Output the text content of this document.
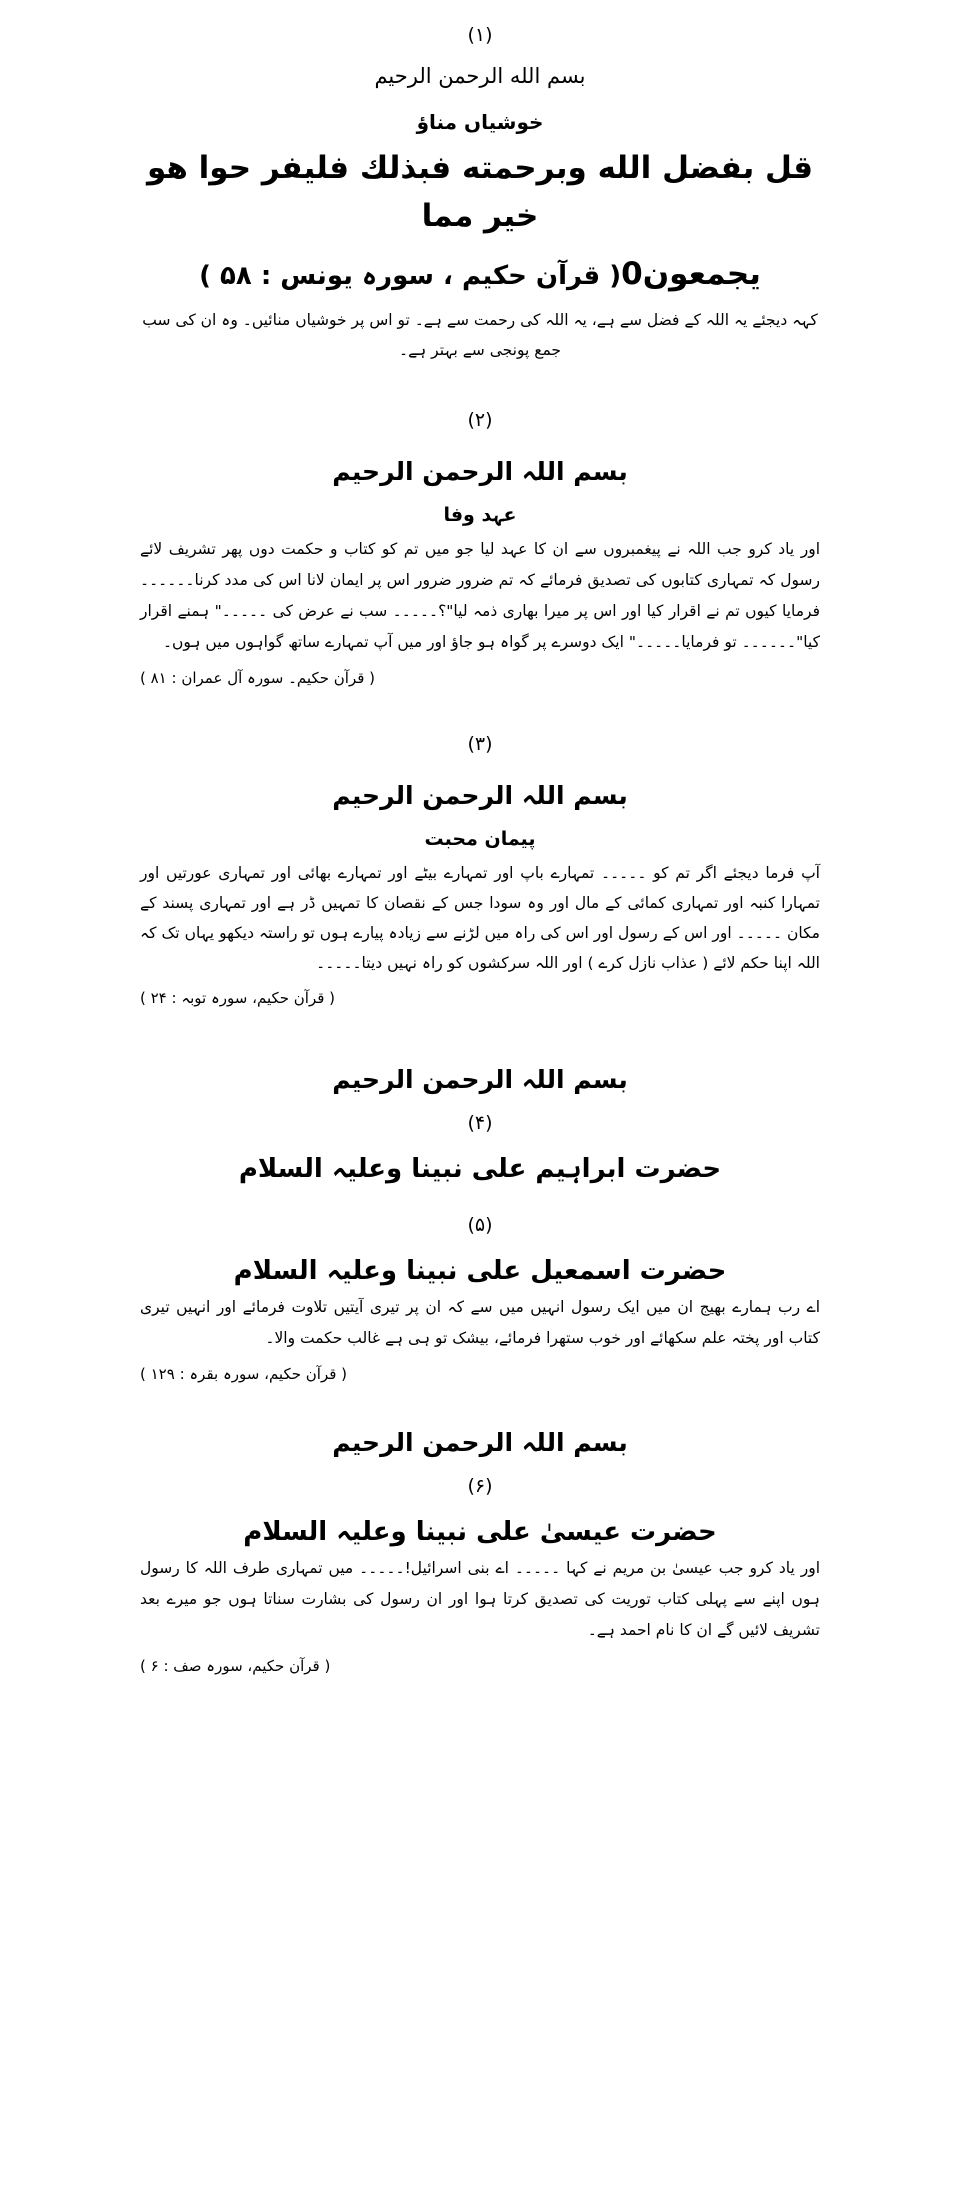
(۱)
بسم الله الرحمن الرحیم
خوشیاں مناؤ
قل بفضل الله وبرحمته فبذلك فليفر حوا هو خير مما
يجمعون0( قرآن حکیم ، سورہ یونس : ۵۸ )
کہہ دیجئے یہ اللہ کے فضل سے ہے، یہ اللہ کی رحمت سے ہے۔ تو اس پر خوشیاں منائیں۔ وہ ان کی سب جمع پونجی سے بہتر ہے۔
(۲)
بسم اللہ الرحمن الرحیم
عہد وفا
اور یاد کرو جب اللہ نے پیغمبروں سے ان کا عہد لیا جو میں تم کو کتاب و حکمت دوں پھر تشریف لائے رسول کہ تمہاری کتابوں کی تصدیق فرمائے کہ تم ضرور ضرور اس پر ایمان لانا اس کی مدد کرنا۔۔۔۔۔۔ فرمایا کیوں تم نے اقرار کیا اور اس پر میرا بھاری ذمہ لیا"؟۔۔۔۔۔ سب نے عرض کی ۔۔۔۔۔" ہمنے اقرار کیا"۔۔۔۔۔۔ تو فرمایا۔۔۔۔۔" ایک دوسرے پر گواہ ہو جاؤ اور میں آپ تمہارے ساتھ گواہوں میں ہوں۔
( قرآن حکیم۔ سورہ آل عمران : ۸۱ )
(۳)
بسم اللہ الرحمن الرحیم
پیمان محبت
آپ فرما دیجئے اگر تم کو ۔۔۔۔۔ تمہارے باپ اور تمہارے بیٹے اور تمہارے بھائی اور تمہاری عورتیں اور تمہارا کنبہ اور تمہاری کمائی کے مال اور وہ سودا جس کے نقصان کا تمہیں ڈر ہے اور تمہاری پسند کے مکان ۔۔۔۔۔ اور اس کے رسول اور اس کی راہ میں لڑنے سے زیادہ پیارے ہوں تو راستہ دیکھو یہاں تک کہ اللہ اپنا حکم لائے ( عذاب نازل کرے ) اور اللہ سرکشوں کو راہ نہیں دیتا۔۔۔۔۔
( قرآن حکیم، سورہ توبہ : ۲۴ )
بسم اللہ الرحمن الرحیم
(۴)
حضرت ابراہیم علی نبینا وعلیہ السلام
(۵)
حضرت اسمعیل علی نبینا وعلیہ السلام
اے رب ہمارے بھیج ان میں ایک رسول انہیں میں سے کہ ان پر تیری آیتیں تلاوت فرمائے اور انہیں تیری کتاب اور پختہ علم سکھائے اور خوب ستھرا فرمائے، بیشک تو ہی ہے غالب حکمت والا۔
( قرآن حکیم، سورہ بقرہ : ۱۲۹ )
بسم اللہ الرحمن الرحیم
(۶)
حضرت عیسیٰ علی نبینا وعلیہ السلام
اور یاد کرو جب عیسیٰ بن مریم نے کہا ۔۔۔۔۔ اے بنی اسرائیل!۔۔۔۔۔ میں تمہاری طرف اللہ کا رسول ہوں اپنے سے پہلی کتاب توریت کی تصدیق کرتا ہوا اور ان رسول کی بشارت سناتا ہوں جو میرے بعد تشریف لائیں گے ان کا نام احمد ہے۔
( قرآن حکیم، سورہ صف : ۶ )
